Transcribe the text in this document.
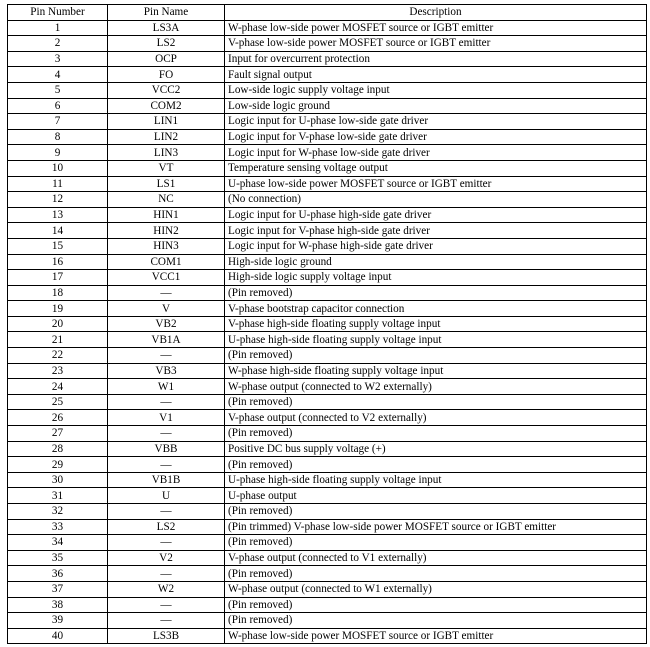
Pin Number	Pin Name	Description
1	LS3A	W-phase low-side power MOSFET source or IGBT emitter
2	LS2	V-phase low-side power MOSFET source or IGBT emitter
3	OCP	Input for overcurrent protection
4	FO	Fault signal output
5	VCC2	Low-side logic supply voltage input
6	COM2	Low-side logic ground
7	LIN1	Logic input for U-phase low-side gate driver
8	LIN2	Logic input for V-phase low-side gate driver
9	LIN3	Logic input for W-phase low-side gate driver
10	VT	Temperature sensing voltage output
11	LS1	U-phase low-side power MOSFET source or IGBT emitter
12	NC	(No connection)
13	HIN1	Logic input for U-phase high-side gate driver
14	HIN2	Logic input for V-phase high-side gate driver
15	HIN3	Logic input for W-phase high-side gate driver
16	COM1	High-side logic ground
17	VCC1	High-side logic supply voltage input
18	—	(Pin removed)
19	V	V-phase bootstrap capacitor connection
20	VB2	V-phase high-side floating supply voltage input
21	VB1A	U-phase high-side floating supply voltage input
22	—	(Pin removed)
23	VB3	W-phase high-side floating supply voltage input
24	W1	W-phase output (connected to W2 externally)
25	—	(Pin removed)
26	V1	V-phase output (connected to V2 externally)
27	—	(Pin removed)
28	VBB	Positive DC bus supply voltage (+)
29	—	(Pin removed)
30	VB1B	U-phase high-side floating supply voltage input
31	U	U-phase output
32	—	(Pin removed)
33	LS2	(Pin trimmed) V-phase low-side power MOSFET source or IGBT emitter
34	—	(Pin removed)
35	V2	V-phase output (connected to V1 externally)
36	—	(Pin removed)
37	W2	W-phase output (connected to W1 externally)
38	—	(Pin removed)
39	—	(Pin removed)
40	LS3B	W-phase low-side power MOSFET source or IGBT emitter
